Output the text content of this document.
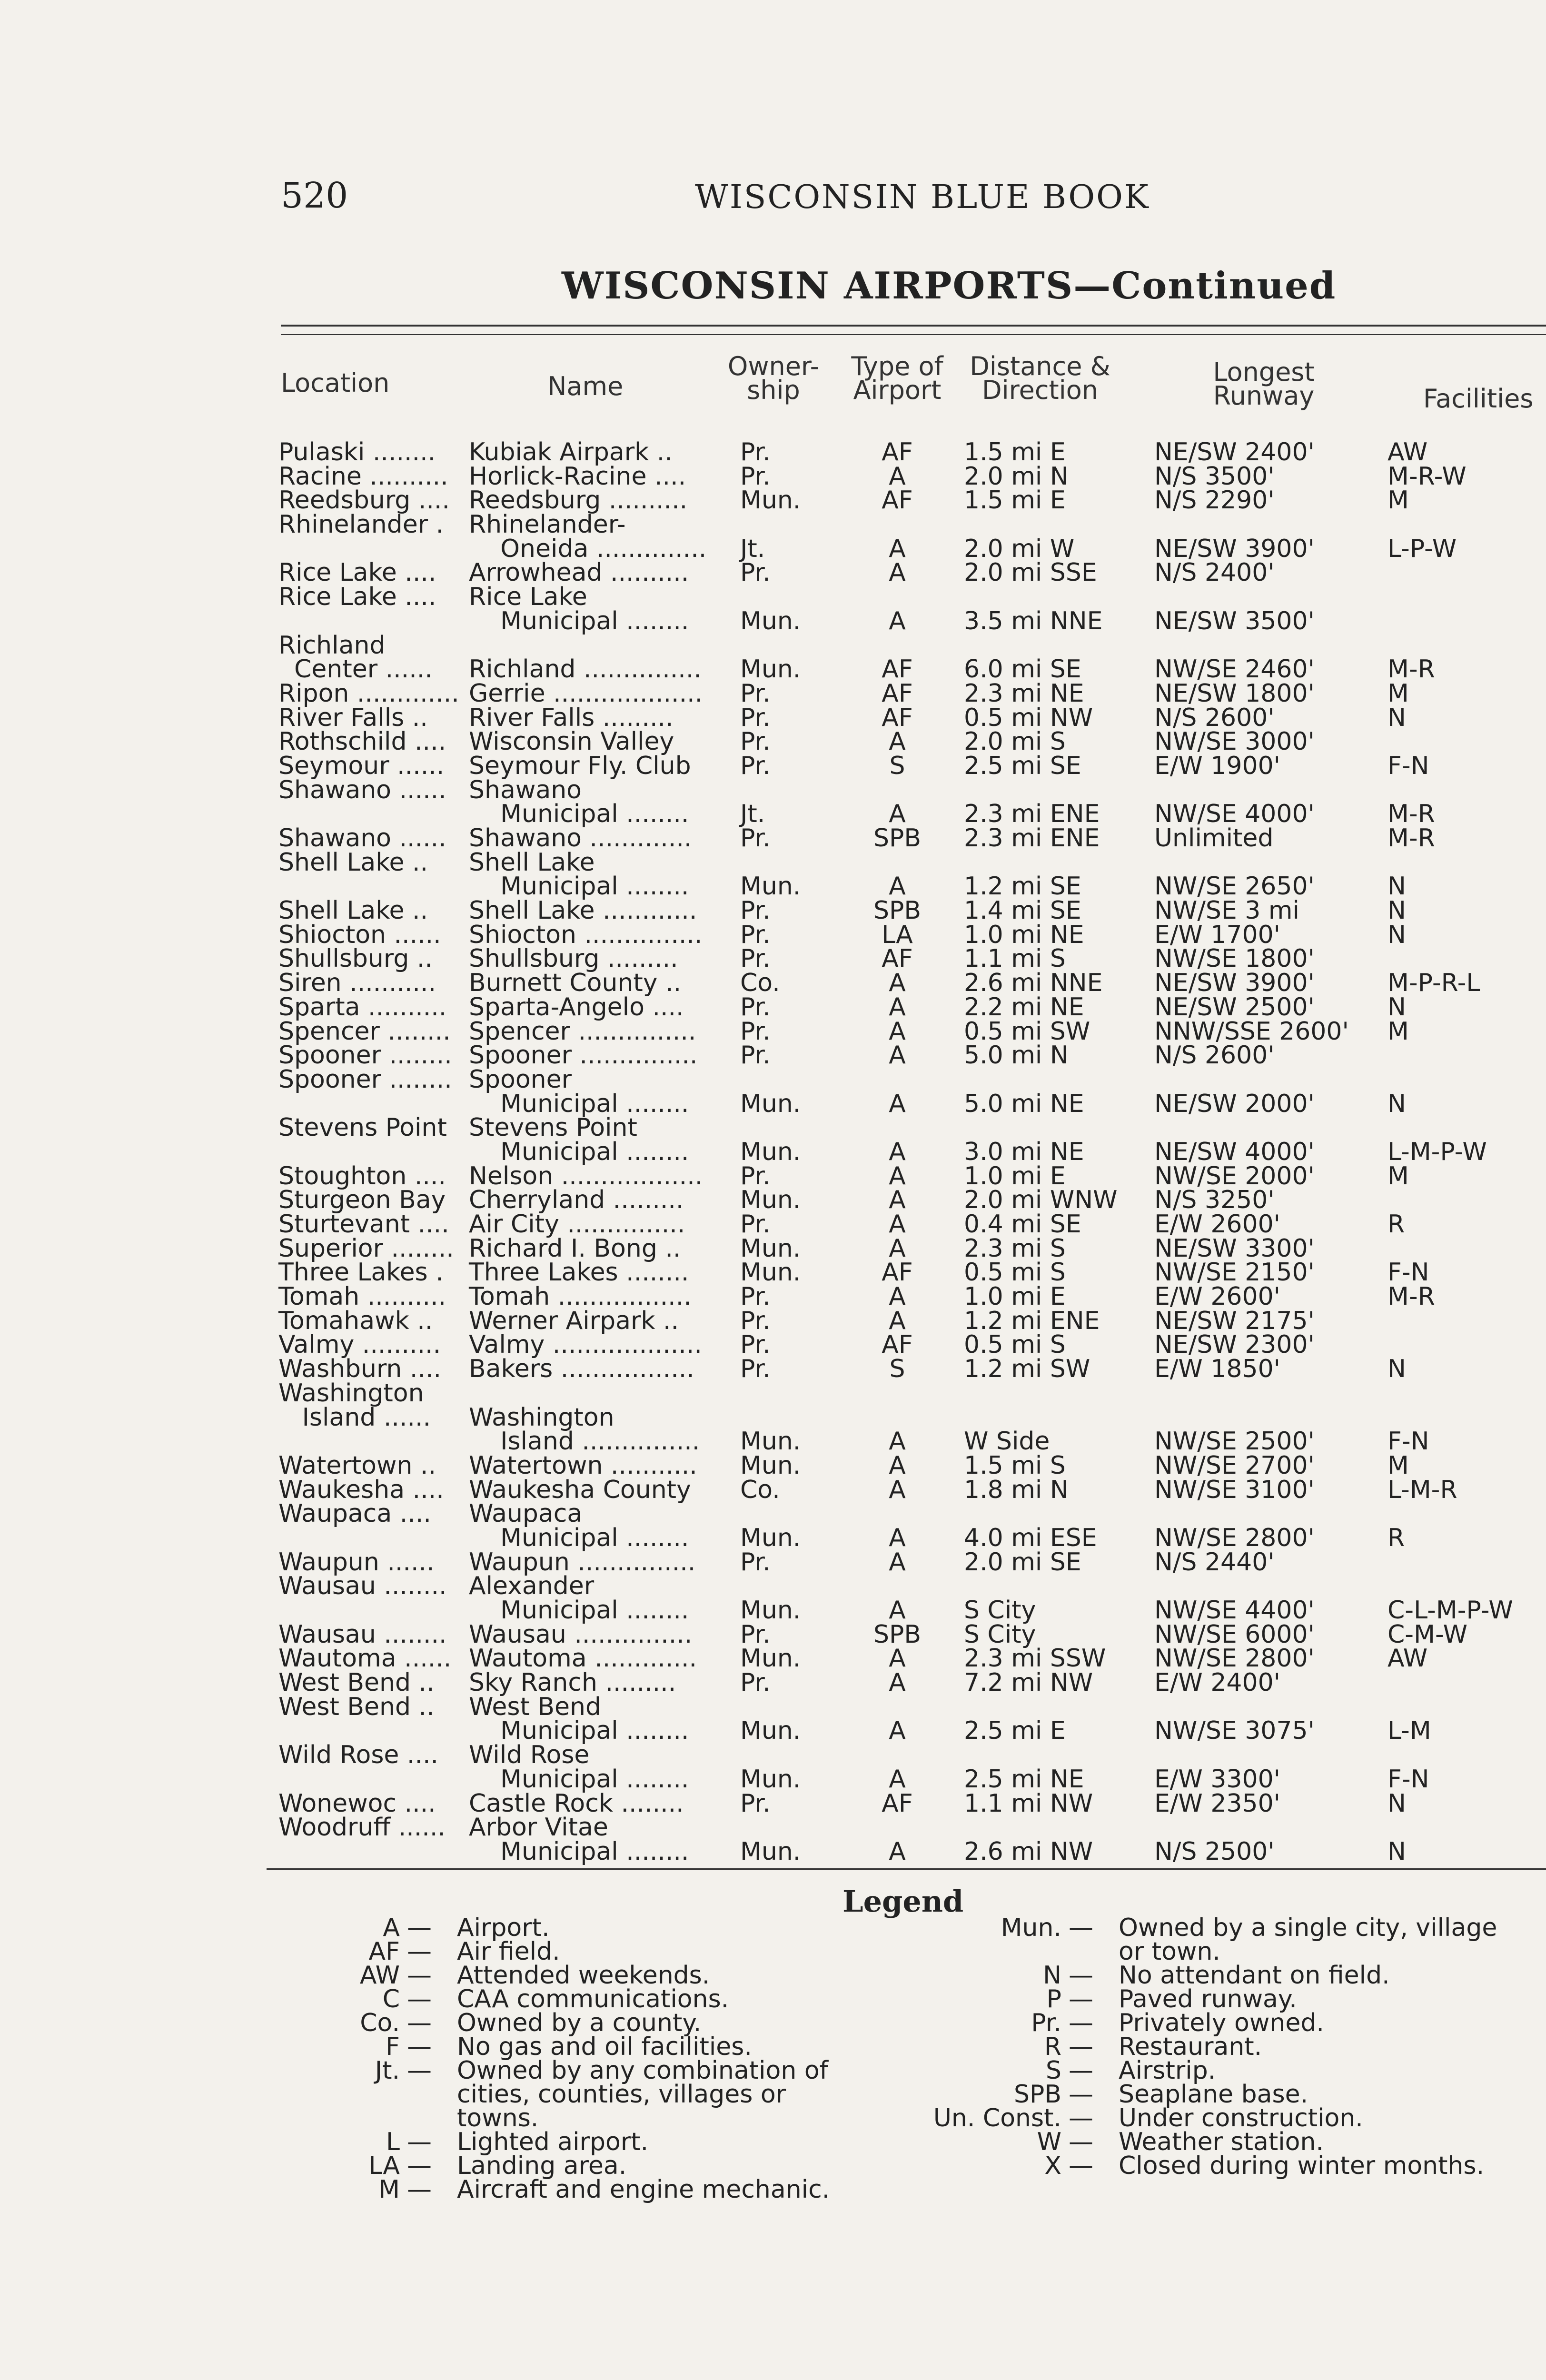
520	WISCONSIN BLUE BOOK
WISCONSIN AIRPORTS—Continued
Location	Name
Owner-
ship
Type of
Airport
Distance &
Direction
Longest
Runway	Facilities
Pulaski ........ Kubiak Airpark ..	Pr.	AF	1.5 mi E	NE/SW 2400'	AW
Racine .......... Horlick-Racine .... Pr.	A	2.0 mi N	N/S 3500'	M-R-W
Reedsburg .... Reedsburg .......... Mun.	AF	1.5 mi E	N/S 2290'	M
Rhinelander . Rhinelander-
Oneida .............. Jt.	A	2.0 mi W	NE/SW 3900'	L-P-W
Rice Lake .... Arrowhead .......... Pr.	A	2.0 mi SSE N/S 2400'
Rice Lake .... Rice Lake
Municipal ........ Mun.	A	3.5 mi NNE NE/SW 3500'
Richland
Center ...... Richland ............... Mun.	AF	6.0 mi SE	NW/SE 2460'	M-R
Ripon ............. Gerrie ................... Pr.	AF	2.3 mi NE	NE/SW 1800'	M
River Falls .. River Falls .........	Pr.	AF	0.5 mi NW N/S 2600'	N
Rothschild .... Wisconsin Valley	Pr.	A	2.0 mi S	NW/SE 3000'
Seymour ...... Seymour Fly. Club Pr.	S	2.5 mi SE	E/W 1900'	F-N
Shawano ...... Shawano
Municipal ........ Jt.	A	2.3 mi ENE NW/SE 4000'	M-R
Shawano ...... Shawano ............. Pr.	SPB	2.3 mi ENE Unlimited	M-R
Shell Lake .. Shell Lake
Municipal ........ Mun.	A	1.2 mi SE	NW/SE 2650'	N
Shell Lake .. Shell Lake ............ Pr.	SPB	1.4 mi SE	NW/SE 3 mi	N
Shiocton ...... Shiocton ............... Pr.	LA	1.0 mi NE	E/W 1700'	N
Shullsburg .. Shullsburg .........	Pr.	AF	1.1 mi S	NW/SE 1800'
Siren ........... Burnett County .. Co.	A	2.6 mi NNE NE/SW 3900'	M-P-R-L
Sparta .......... Sparta-Angelo .... Pr.	A	2.2 mi NE	NE/SW 2500'	N
Spencer ........ Spencer ............... Pr.	A	0.5 mi SW	NNW/SSE 2600' M
Spooner ........ Spooner ............... Pr.	A	5.0 mi N	N/S 2600'
Spooner ........ Spooner
Municipal ........ Mun.	A	5.0 mi NE	NE/SW 2000'	N
Stevens Point Stevens Point
Municipal ........ Mun.	A	3.0 mi NE	NE/SW 4000'	L-M-P-W
Stoughton .... Nelson .................. Pr.	A	1.0 mi E	NW/SE 2000'	M
Sturgeon Bay Cherryland ......... Mun.	A	2.0 mi WNW N/S 3250'
Sturtevant .... Air City ............... Pr.	A	0.4 mi SE	E/W 2600'	R
Superior ........ Richard I. Bong .. Mun.	A	2.3 mi S	NE/SW 3300'
Three Lakes . Three Lakes ........ Mun.	AF	0.5 mi S	NW/SE 2150'	F-N
Tomah .......... Tomah ................. Pr.	A	1.0 mi E	E/W 2600'	M-R
Tomahawk .. Werner Airpark .. Pr.	A	1.2 mi ENE NE/SW 2175'
Valmy .......... Valmy ................... Pr.	AF	0.5 mi S	NE/SW 2300'
Washburn .... Bakers ................. Pr.	S	1.2 mi SW	E/W 1850'	N
Washington
Island ...... Washington
Island ............... Mun.	A	W Side	NW/SE 2500'	F-N
Watertown .. Watertown ........... Mun.	A	1.5 mi S	NW/SE 2700'	M
Waukesha .... Waukesha County Co.	A	1.8 mi N	NW/SE 3100'	L-M-R
Waupaca .... Waupaca
Municipal ........ Mun.	A	4.0 mi ESE NW/SE 2800'	R
Waupun ...... Waupun ............... Pr.	A	2.0 mi SE	N/S 2440'
Wausau ........ Alexander
Municipal ........ Mun.	A	S City	NW/SE 4400'	C-L-M-P-W
Wausau ........ Wausau ............... Pr.	SPB	S City	NW/SE 6000'	C-M-W
Wautoma ...... Wautoma ............. Mun.	A	2.3 mi SSW NW/SE 2800'	AW
West Bend .. Sky Ranch .........	Pr.	A	7.2 mi NW E/W 2400'
West Bend .. West Bend
Municipal ........ Mun.	A	2.5 mi E	NW/SE 3075'	L-M
Wild Rose .... Wild Rose
Municipal ........ Mun.	A	2.5 mi NE	E/W 3300'	F-N
Wonewoc .... Castle Rock ........ Pr.	AF	1.1 mi NW E/W 2350'	N
Woodruff ...... Arbor Vitae
Municipal ........ Mun.	A	2.6 mi NW N/S 2500'	N
Legend
A — Airport.
AF — Air field.
AW — Attended weekends.
C — CAA communications.
Co. — Owned by a county.
F — No gas and oil facilities.
Jt. — Owned by any combination of
cities, counties, villages or
towns.
L — Lighted airport.
LA — Landing area.
M — Aircraft and engine mechanic.
Mun. — Owned by a single city, village
or town.
N — No attendant on field.
P — Paved runway.
Pr. — Privately owned.
R — Restaurant.
S — Airstrip.
SPB — Seaplane base.
Un. Const. — Under construction.
W — Weather station.
X — Closed during winter months.
